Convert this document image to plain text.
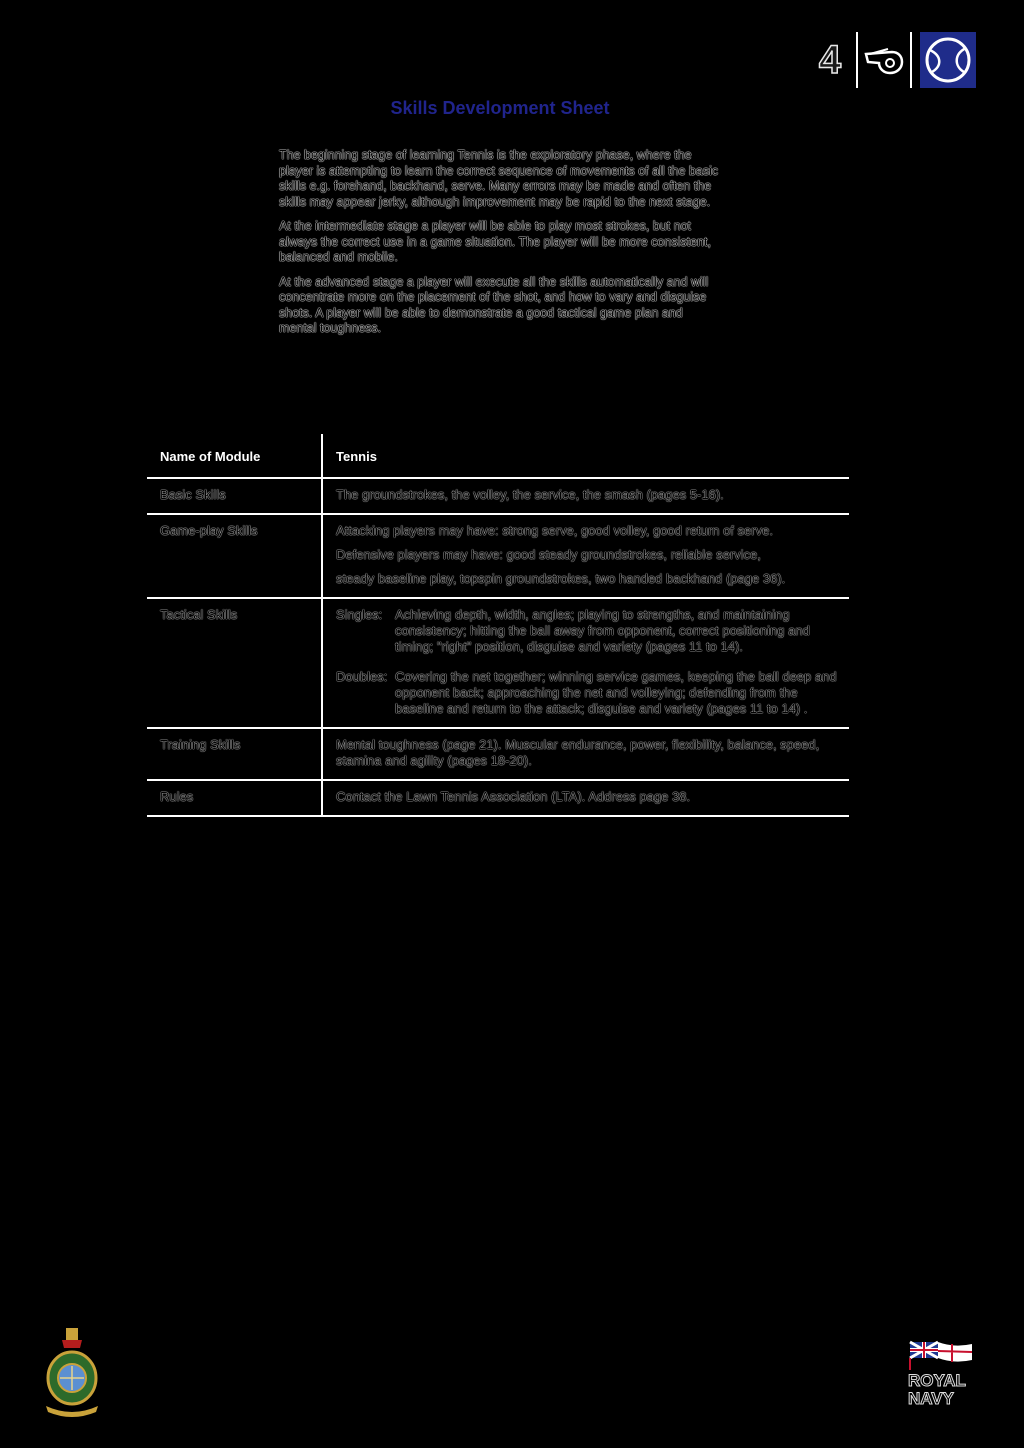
4
Skills Development Sheet

The beginning stage of learning Tennis is the exploratory phase, where the player is attempting to learn the correct sequence of movements of all the basic skills e.g. forehand, backhand, serve. Many errors may be made and often the skills may appear jerky, although improvement may be rapid to the next stage.

At the intermediate stage a player will be able to play most strokes, but not always the correct use in a game situation. The player will be more consistent, balanced and mobile.

At the advanced stage a player will execute all the skills automatically and will concentrate more on the placement of the shot, and how to vary and disguise shots. A player will be able to demonstrate a good tactical game plan and mental toughness.

Name of Module	Tennis
Basic Skills	The groundstrokes, the volley, the service, the smash (pages 5-16).
Game-play Skills	Attacking players may have: strong serve, good volley, good return of serve.
Defensive players may have: good steady groundstrokes, reliable service,
steady baseline play, topspin groundstrokes, two handed backhand (page 36).
Tactical Skills	Singles: Achieving depth, width, angles; playing to strengths, and maintaining consistency; hitting the ball away from opponent, correct positioning and timing; "right" position, disguise and variety (pages 11 to 14).
Doubles: Covering the net together; winning service games, keeping the ball deep and opponent back; approaching the net and volleying; defending from the baseline and return to the attack; disguise and variety (pages 11 to 14) .
Training Skills	Mental toughness (page 21). Muscular endurance, power, flexibility, balance, speed, stamina and agility (pages 18-20).
Rules	Contact the Lawn Tennis Association (LTA). Address page 38.
ROYAL
NAVY
